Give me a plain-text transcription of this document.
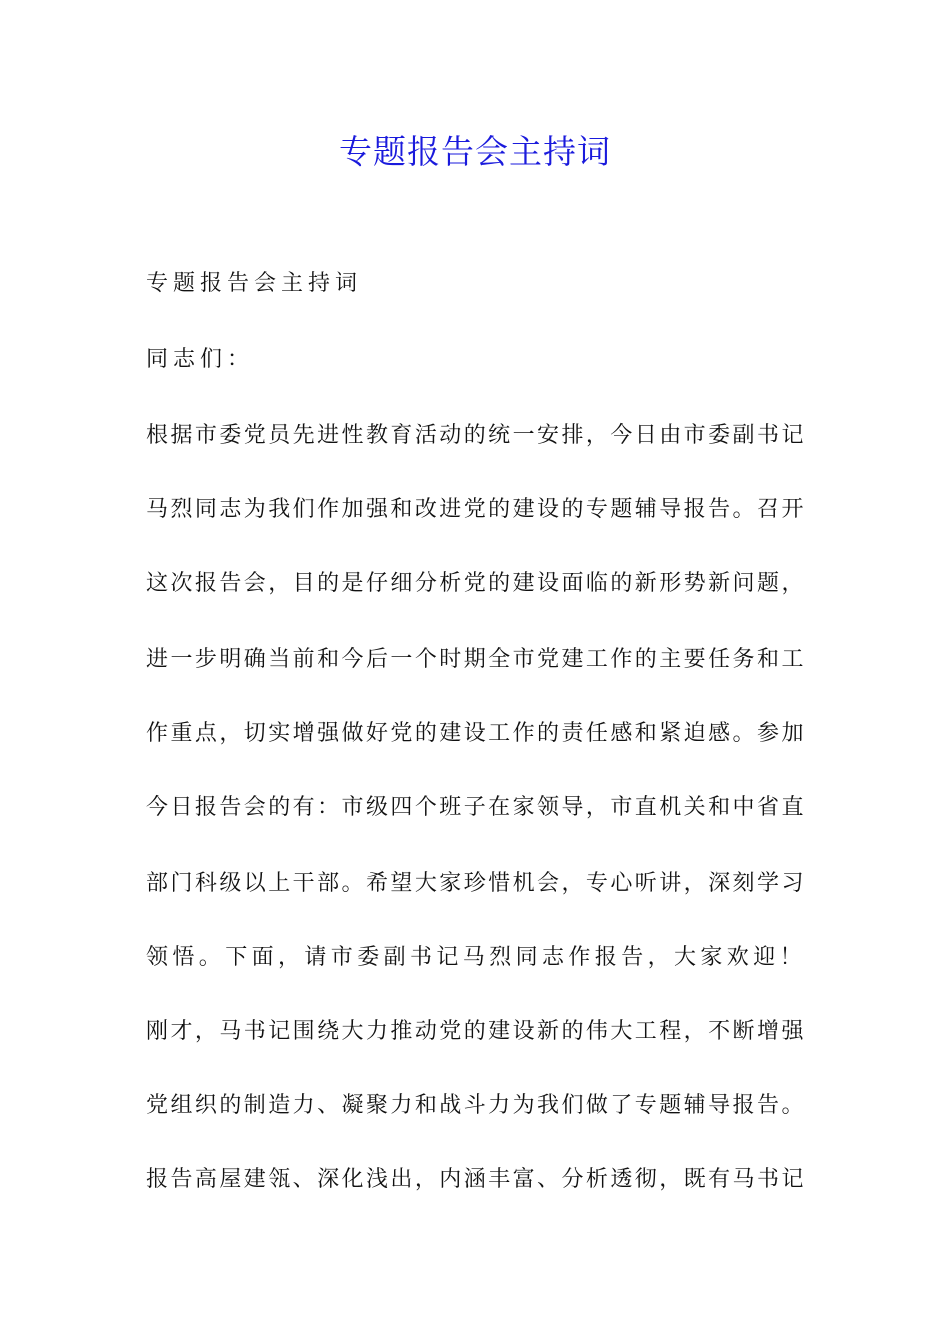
专题报告会主持词

专题报告会主持词

同志们：

根据市委党员先进性教育活动的统一安排，今日由市委副书记

马烈同志为我们作加强和改进党的建设的专题辅导报告。召开

这次报告会，目的是仔细分析党的建设面临的新形势新问题，

进一步明确当前和今后一个时期全市党建工作的主要任务和工

作重点，切实增强做好党的建设工作的责任感和紧迫感。参加

今日报告会的有：市级四个班子在家领导，市直机关和中省直

部门科级以上干部。希望大家珍惜机会，专心听讲，深刻学习

领悟。下面，请市委副书记马烈同志作报告，大家欢迎！

刚才，马书记围绕大力推动党的建设新的伟大工程，不断增强

党组织的制造力、凝聚力和战斗力为我们做了专题辅导报告。

报告高屋建瓴、深化浅出，内涵丰富、分析透彻，既有马书记
